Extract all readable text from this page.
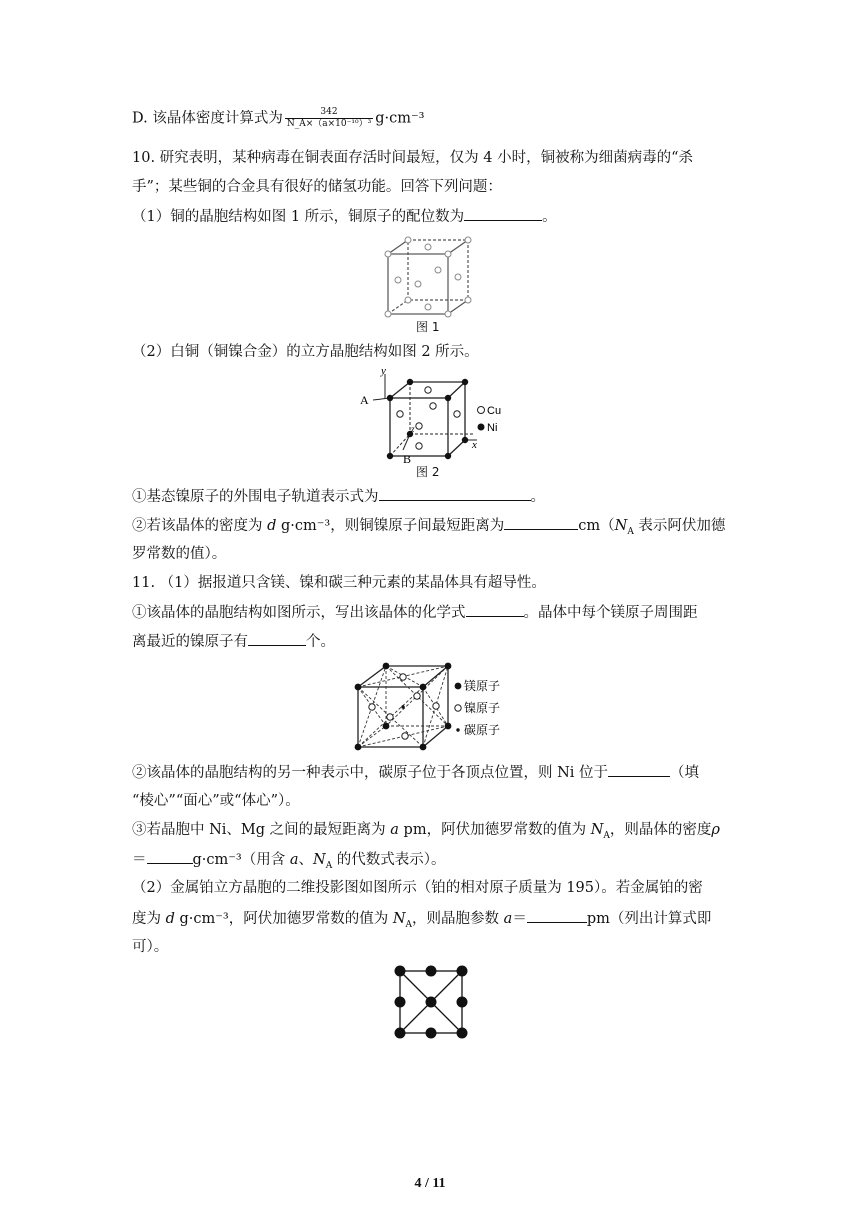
D. 该晶体密度计算式为 $\frac{342}{\text{N\_A×（a×10⁻¹⁰）³}} g\cdot cm^{-3}$
10. 研究表明，某种病毒在铜表面存活时间最短，仅为 4 小时，铜被称为细菌病毒的“杀
手”；某些铜的合金具有很好的储氢功能。回答下列问题：
（1）铜的晶胞结构如图 1 所示，铜原子的配位数为	。
图 1
（2）白铜（铜镍合金）的立方晶胞结构如图 2 所示。
y
x
z
A
B
Cu
Ni
图 2
①基态镍原子的外围电子轨道表示式为	。
②若该晶体的密度为 d g·cm⁻³，则铜镍原子间最短距离为	$cm(N_A$ 表示阿伏加德
罗常数的值）。
11. （1）据报道只含镁、镍和碳三种元素的某晶体具有超导性。
①该晶体的晶胞结构如图所示，写出该晶体的化学式	。晶体中每个镁原子周围距
离最近的镍原子有	个。
镁原子
镍原子
碳原子
②该晶体的晶胞结构的另一种表示中，碳原子位于各顶点位置，则 Ni 位于	（填
“棱心”“面心”或“体心”）。
③若晶胞中 Ni、Mg 之间的最短距离为 a pm，阿伏加德罗常数的值为 $N_A$，则晶体的密度ρ
＝	g·cm⁻³（用含 a、$N_A$ 的代数式表示）。
（2）金属铂立方晶胞的二维投影图如图所示（铂的相对原子质量为 195）。若金属铂的密
度为 d g·cm⁻³，阿伏加德罗常数的值为 $N_A$，则晶胞参数 a＝	pm（列出计算式即
可）。
4 / 11
